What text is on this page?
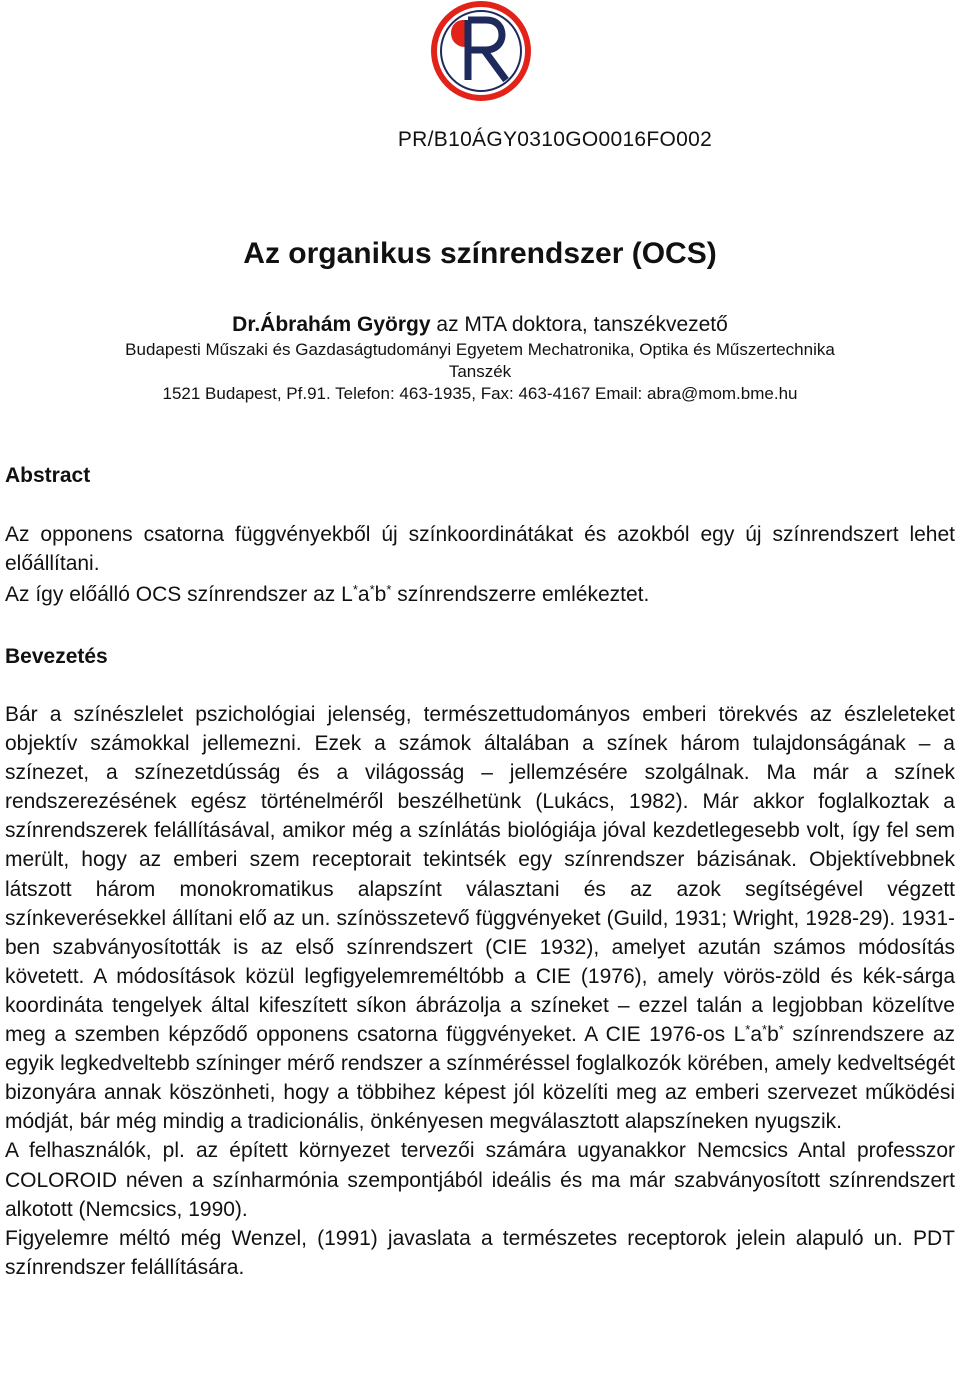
PR/B10ÁGY0310GO0016FO002
Az organikus színrendszer (OCS)
Dr.Ábrahám György az MTA doktora, tanszékvezető
Budapesti Műszaki és Gazdaságtudományi Egyetem Mechatronika, Optika és Műszertechnika
Tanszék
1521 Budapest, Pf.91. Telefon: 463-1935, Fax: 463-4167 Email: abra@mom.bme.hu
Abstract

Az opponens csatorna függvényekből új színkoordinátákat és azokból egy új színrendszert lehet előállítani.

Az így előálló OCS színrendszer az L*a*b* színrendszerre emlékeztet.

Bevezetés

Bár a színészlelet pszichológiai jelenség, természettudományos emberi törekvés az észleleteket objektív számokkal jellemezni. Ezek a számok általában a színek három tulajdonságának – a színezet, a színezetdússág és a világosság – jellemzésére szolgálnak. Ma már a színek rendszerezésének egész történelméről beszélhetünk (Lukács, 1982). Már akkor foglalkoztak a színrendszerek felállításával, amikor még a színlátás biológiája jóval kezdetlegesebb volt, így fel sem merült, hogy az emberi szem receptorait tekintsék egy színrendszer bázisának. Objektívebbnek látszott három monokromatikus alapszínt választani és az azok segítségével végzett színkeverésekkel állítani elő az un. színösszetevő függvényeket (Guild, 1931; Wright, 1928-29). 1931-ben szabványosították is az első színrendszert (CIE 1932), amelyet azután számos módosítás követett. A módosítások közül legfigyelemreméltóbb a CIE (1976), amely vörös-zöld és kék-sárga koordináta tengelyek által kifeszített síkon ábrázolja a színeket – ezzel talán a legjobban közelítve meg a szemben képződő opponens csatorna függvényeket. A CIE 1976-os L*a*b* színrendszere az egyik legkedveltebb színinger mérő rendszer a színméréssel foglalkozók körében, amely kedveltségét bizonyára annak köszönheti, hogy a többihez képest jól közelíti meg az emberi szervezet működési módját, bár még mindig a tradicionális, önkényesen megválasztott alapszíneken nyugszik.

A felhasználók, pl. az épített környezet tervezői számára ugyanakkor Nemcsics Antal professzor COLOROID néven a színharmónia szempontjából ideális és ma már szabványosított színrendszert alkotott (Nemcsics, 1990).

Figyelemre méltó még Wenzel, (1991) javaslata a természetes receptorok jelein alapuló un. PDT színrendszer felállítására.
